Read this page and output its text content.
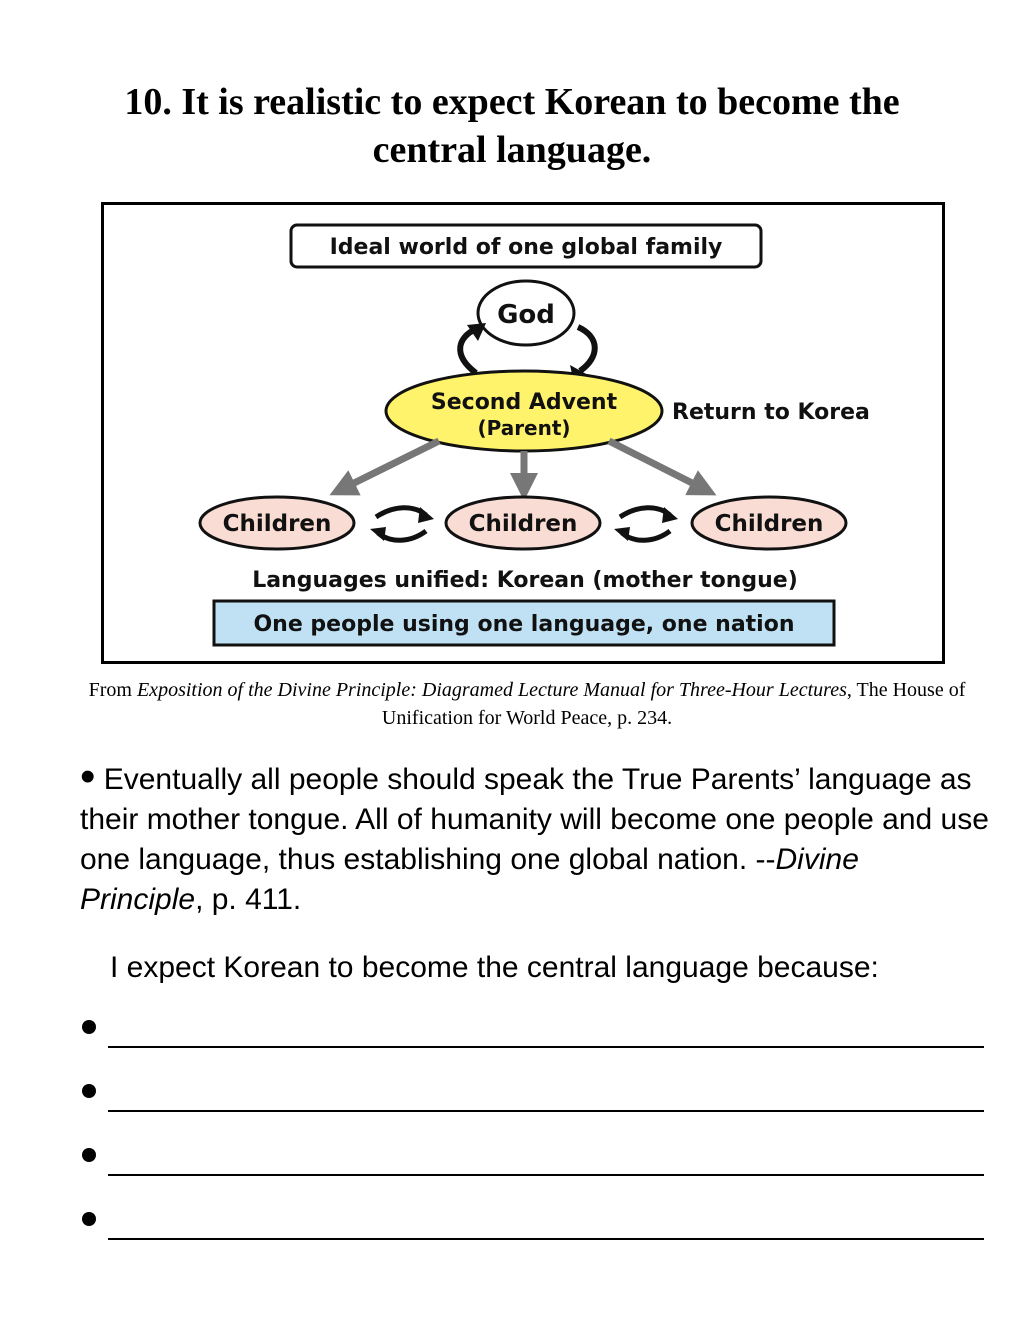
10. It is realistic to expect Korean to become the
central language.
Ideal world of one global family
God
Second Advent
(Parent)
Return to Korea
Children	Children	Children
Languages unified: Korean (mother tongue)
One people using one language, one nation
From Exposition of the Divine Principle: Diagramed Lecture Manual for Three-Hour Lectures, The House of Unification for World Peace, p. 234.
• Eventually all people should speak the True Parents’ language as their mother tongue. All of humanity will become one people and use one language, thus establishing one global nation. --Divine Principle, p. 411.
I expect Korean to become the central language because:
